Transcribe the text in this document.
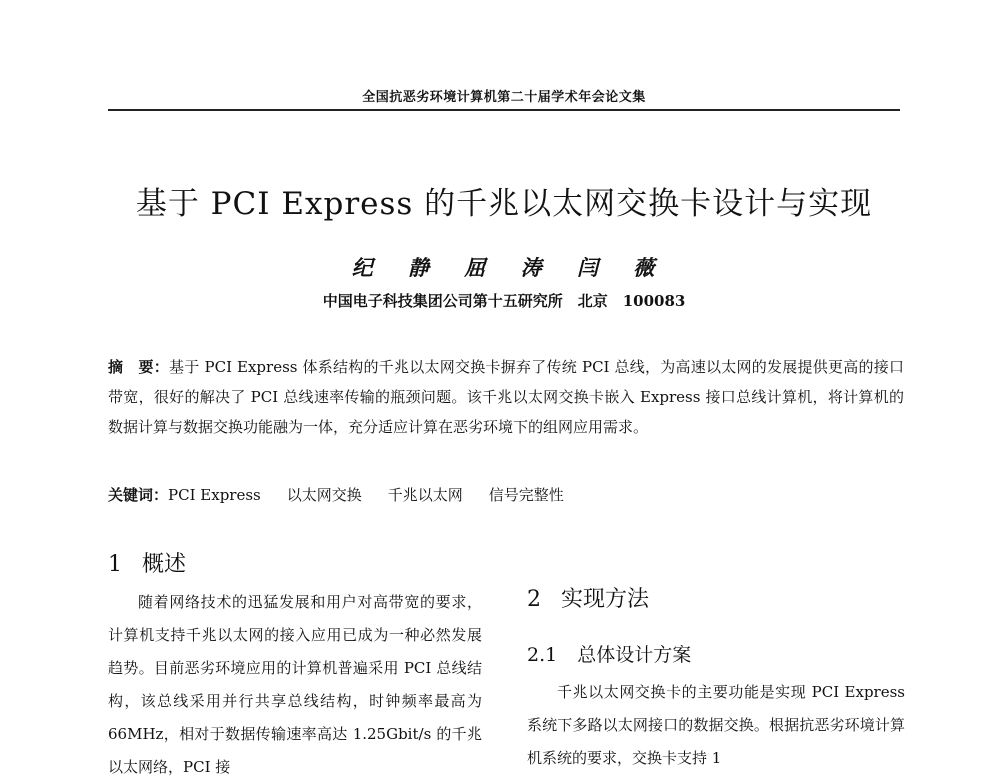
全国抗恶劣环境计算机第二十届学术年会论文集
基于 PCI Express 的千兆以太网交换卡设计与实现
纪 静 屈 涛 闫 薇
中国电子科技集团公司第十五研究所　北京　100083
摘　要：基于 PCI Express 体系结构的千兆以太网交换卡摒弃了传统 PCI 总线，为高速以太网的发展提供更高的接口带宽，很好的解决了 PCI 总线速率传输的瓶颈问题。该千兆以太网交换卡嵌入 Express 接口总线计算机，将计算机的数据计算与数据交换功能融为一体，充分适应计算在恶劣环境下的组网应用需求。
关键词：PCI Express 以太网交换 千兆以太网 信号完整性
1 概述

随着网络技术的迅猛发展和用户对高带宽的要求，计算机支持千兆以太网的接入应用已成为一种必然发展趋势。目前恶劣环境应用的计算机普遍采用 PCI 总线结构，该总线采用并行共享总线结构，时钟频率最高为 66MHz，相对于数据传输速率高达 1.25Gbit/s 的千兆以太网络，PCI 接

2 实现方法
2.1 总体设计方案

千兆以太网交换卡的主要功能是实现 PCI Express 系统下多路以太网接口的数据交换。根据抗恶劣环境计算机系统的要求，交换卡支持 1
